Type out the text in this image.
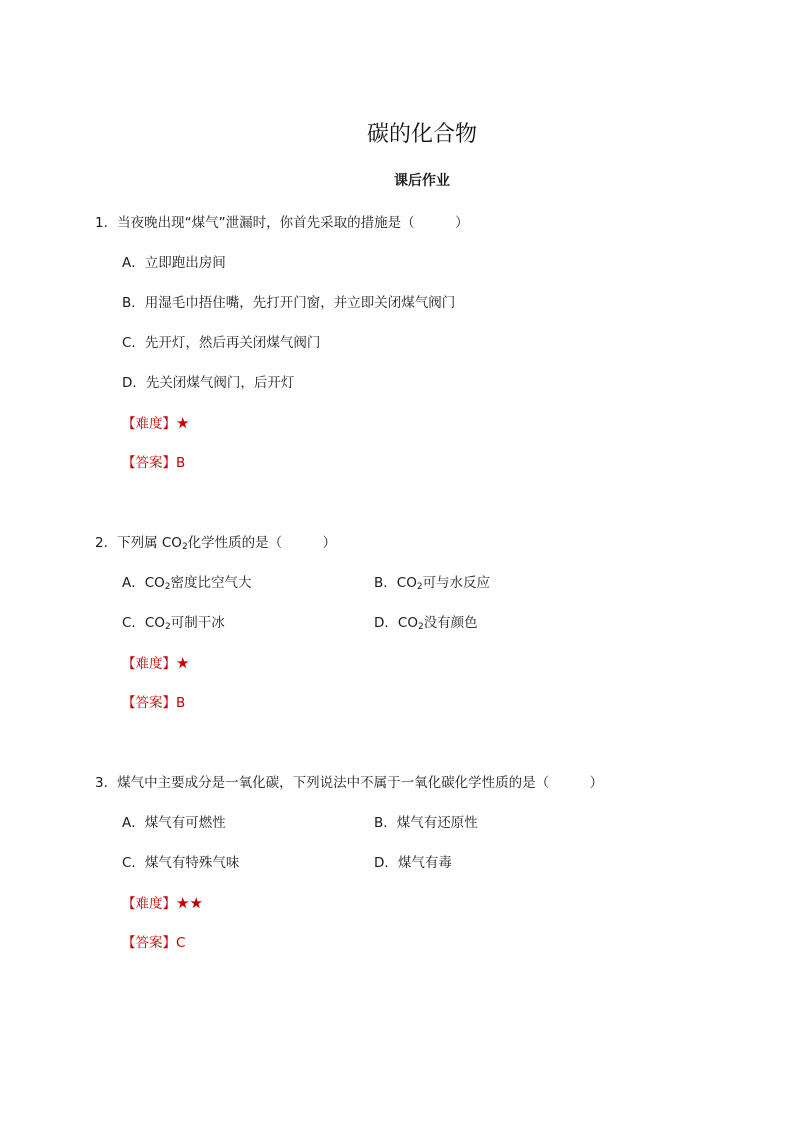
碳的化合物
课后作业
1．当夜晚出现“煤气”泄漏时，你首先采取的措施是（　　　）
A．立即跑出房间
B．用湿毛巾捂住嘴，先打开门窗，并立即关闭煤气阀门
C．先开灯，然后再关闭煤气阀门
D．先关闭煤气阀门，后开灯
【难度】★
【答案】B
2．下列属 $CO_2$化学性质的是（　　　）
A．$CO_2$密度比空气大	B．$CO_2$可与水反应
C．$CO_2$可制干冰	D．$CO_2$没有颜色
【难度】★
【答案】B
3．煤气中主要成分是一氧化碳，下列说法中不属于一氧化碳化学性质的是（　　　）
A．煤气有可燃性	B．煤气有还原性
C．煤气有特殊气味	D．煤气有毒
【难度】★★
【答案】C
